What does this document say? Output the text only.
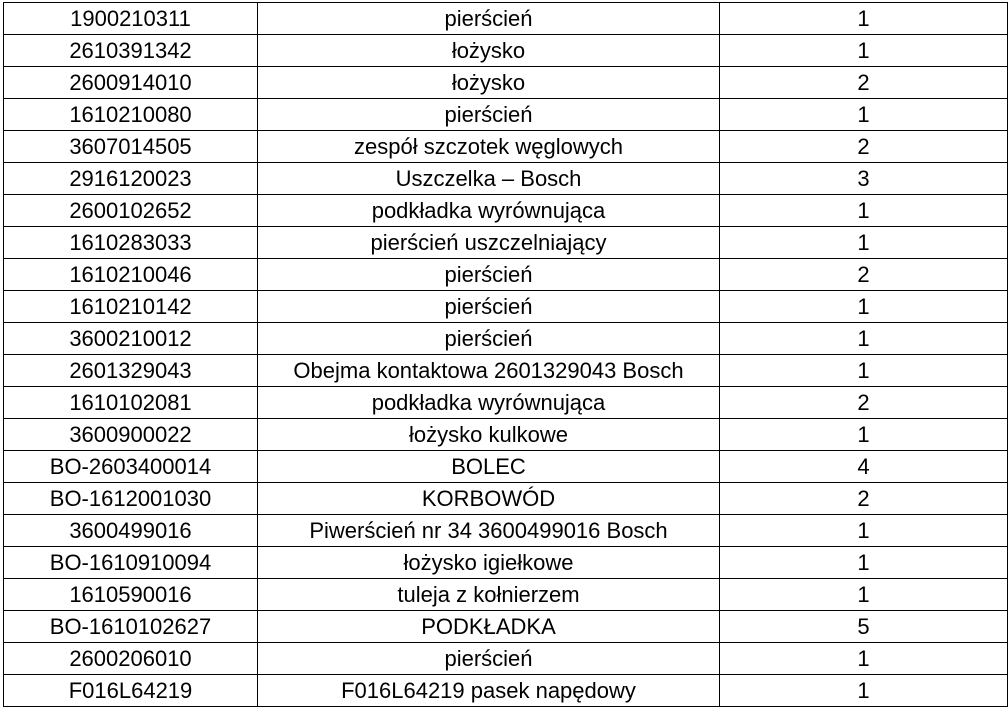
1900210311	pierścień	1
2610391342	łożysko	1
2600914010	łożysko	2
1610210080	pierścień	1
3607014505	zespół szczotek węglowych	2
2916120023	Uszczelka – Bosch	3
2600102652	podkładka wyrównująca	1
1610283033	pierścień uszczelniający	1
1610210046	pierścień	2
1610210142	pierścień	1
3600210012	pierścień	1
2601329043	Obejma kontaktowa 2601329043 Bosch	1
1610102081	podkładka wyrównująca	2
3600900022	łożysko kulkowe	1
BO-2603400014	BOLEC	4
BO-1612001030	KORBOWÓD	2
3600499016	Piwerścień nr 34 3600499016 Bosch	1
BO-1610910094	łożysko igiełkowe	1
1610590016	tuleja z kołnierzem	1
BO-1610102627	PODKŁADKA	5
2600206010	pierścień	1
F016L64219	F016L64219 pasek napędowy	1
